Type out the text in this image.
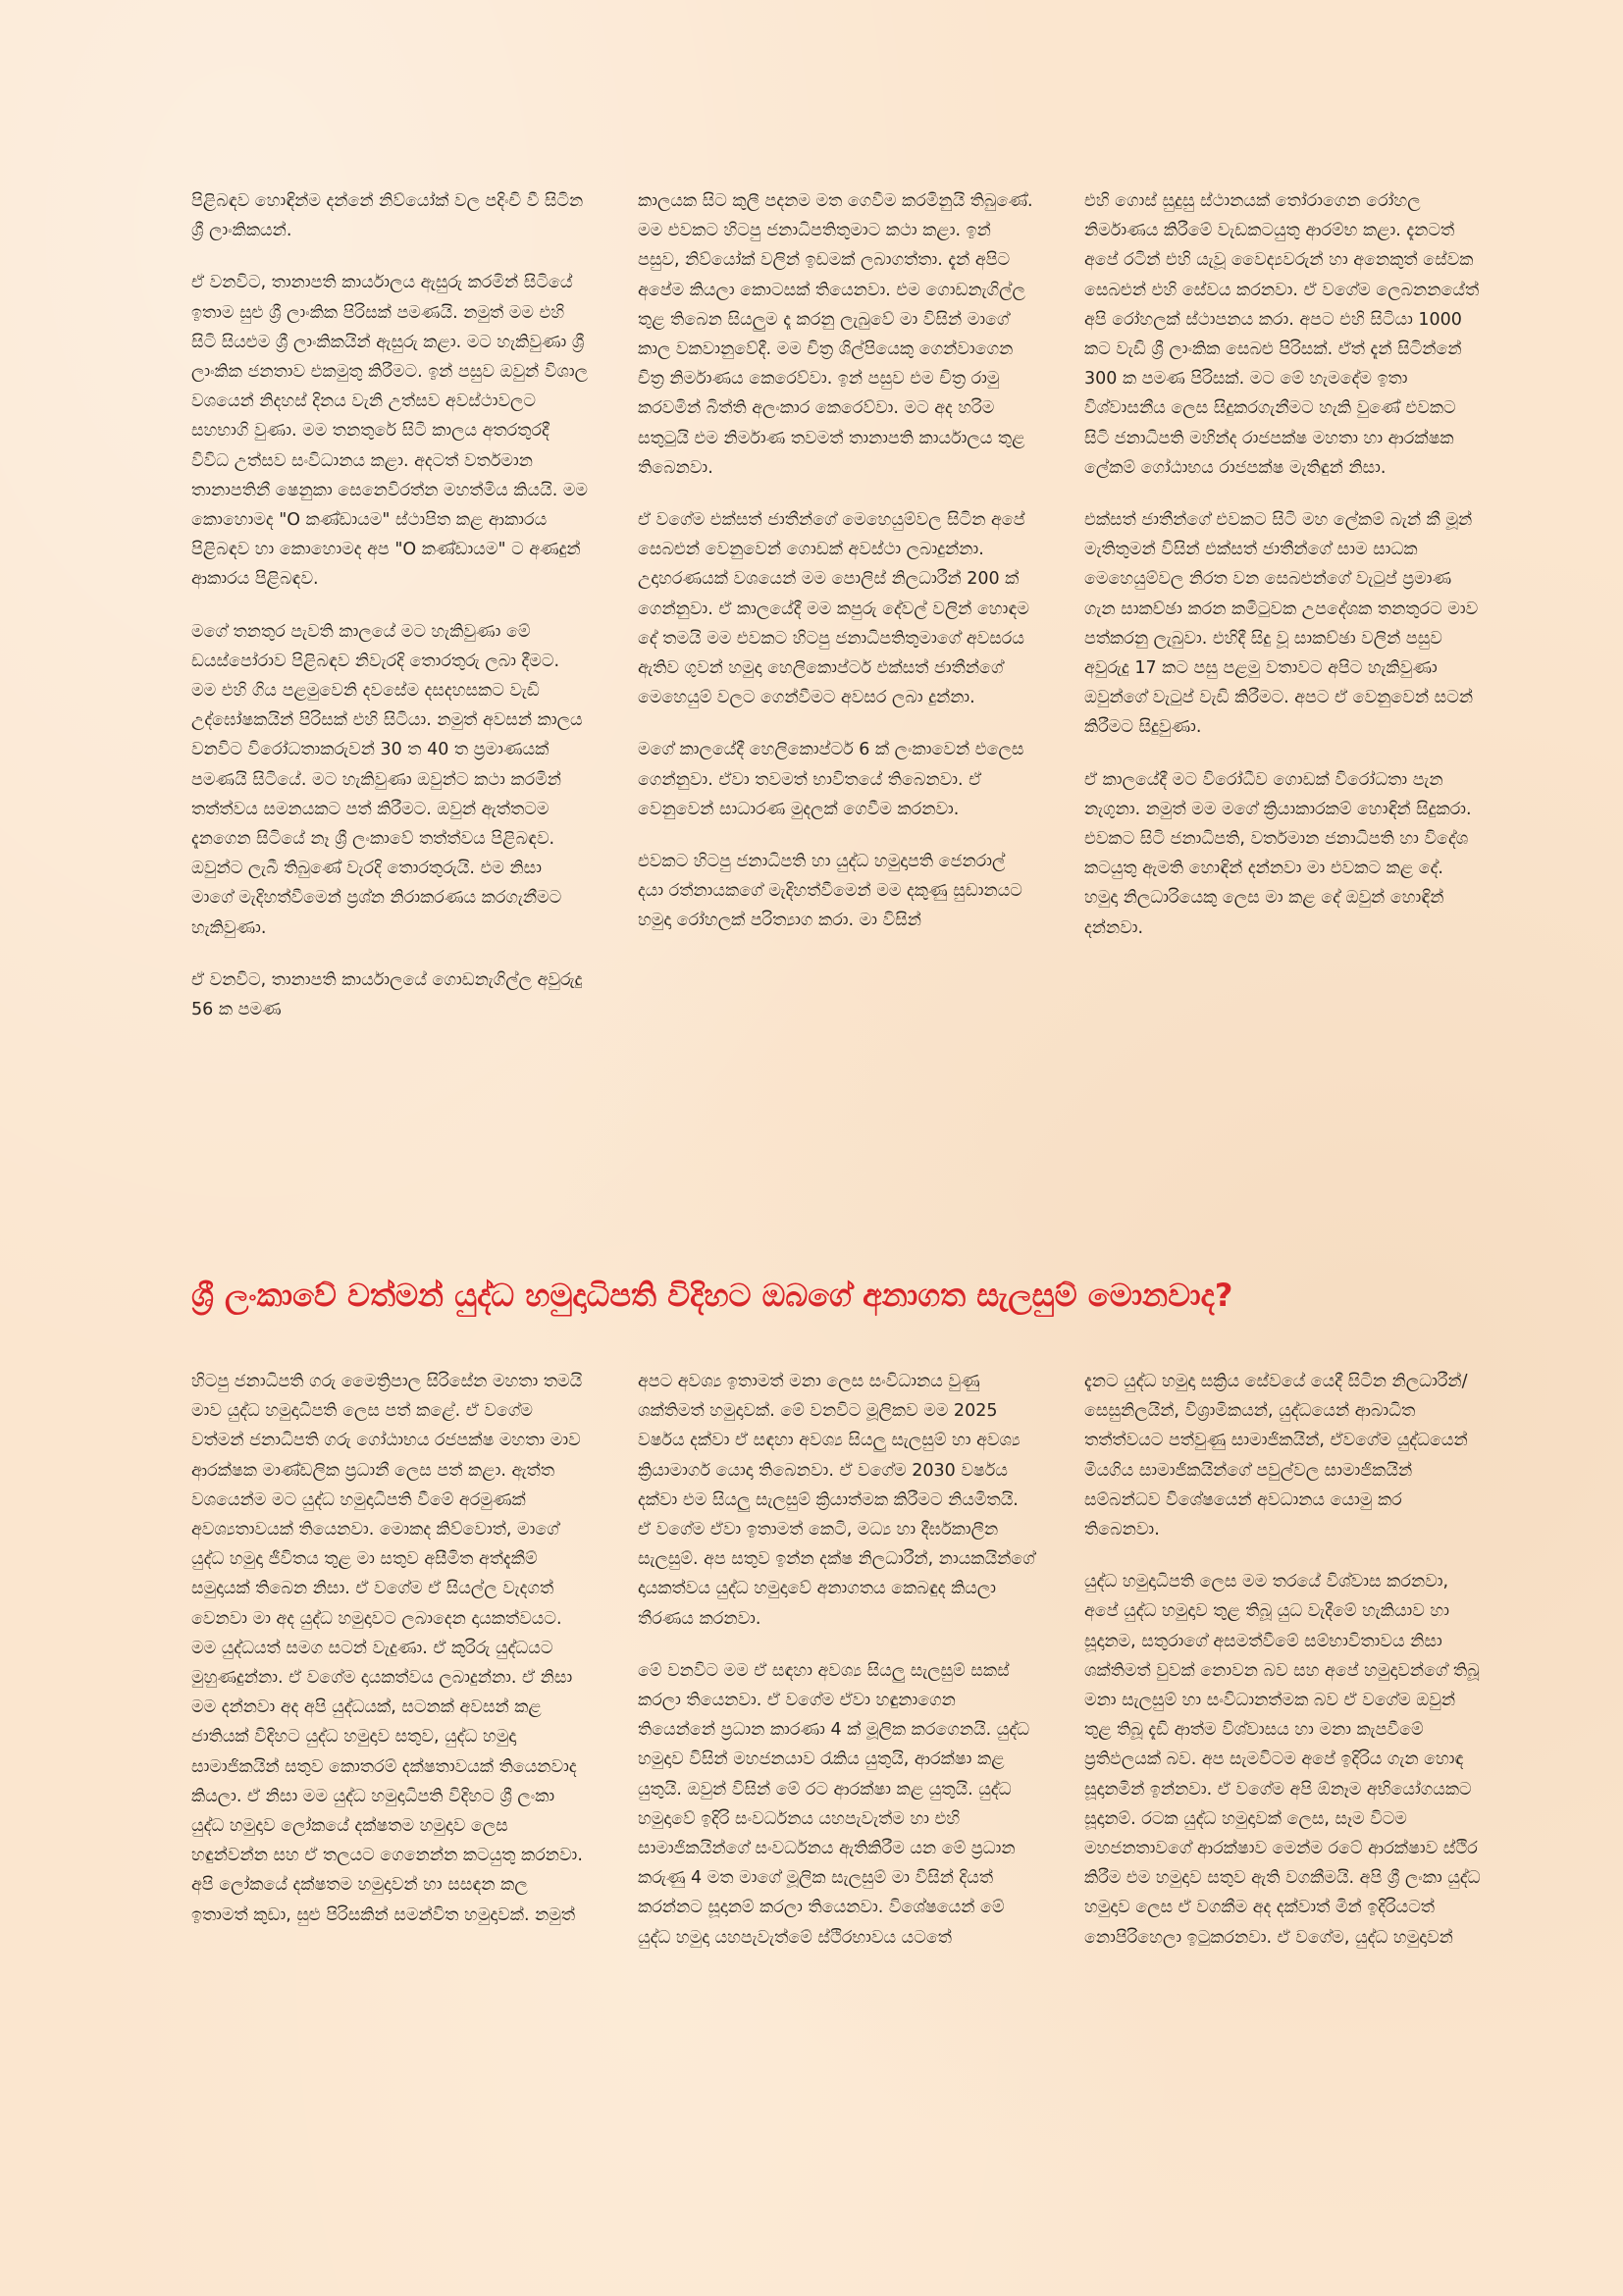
පිළිබඳව හොඳින්ම දන්නේ නිව්යෝක් වල පදිංචි වී සිටින ශ්‍රී ලාංකිකයන්.

ඒ වනවිට, තානාපති කාර්යාලය ඇසුරු කරමින් සිටියේ ඉතාම සුළු ශ්‍රී ලාංකික පිරිසක් පමණයි. නමුත් මම එහි සිටි සියළුම ශ්‍රී ලාංකිකයින් ඇසුරු කළා. මට හැකිවුණා ශ්‍රී ලාංකික ජනතාව එකමුතු කිරීමට. ඉන් පසුව ඔවුන් විශාල වශයෙන් නිදහස් දිනය වැනි උත්සව අවස්ථාවලට සහභාගි වුණා. මම තනතුරේ සිටි කාලය අතරතුරදී විවිධ උත්සව සංවිධානය කළා. අදටත් වර්තමාන තානාපතිනී ෂෙනුකා සෙනෙවිරත්න මහත්මිය කියයි. මම කොහොමද "O කණ්ඩායම" ස්ථාපිත කළ ආකාරය පිළිබඳව හා කොහොමද අප "O කණ්ඩායම" ට අණදුන් ආකාරය පිළිබඳව.

මගේ තනතුර පැවති කාලයේ මට හැකිවුණා මේ ඩයස්පෝරාව පිළිබඳව නිවැරදි තොරතුරු ලබා දීමට. මම එහි ගිය පළමුවෙනි දවසේම දසදහසකට වැඩි උද්ඝෝෂකයින් පිරිසක් එහි සිටියා. නමුත් අවසන් කාලය වනවිට විරෝධතාකරුවන් 30 ත 40 ත ප්‍රමාණයක් පමණයි සිටියේ. මට හැකිවුණා ඔවුන්ට කථා කරමින් තත්ත්වය සමනයකට පත් කිරීමට. ඔවුන් ඇත්තටම දැනගෙන සිටියේ නෑ ශ්‍රී ලංකාවේ තත්ත්වය පිළිබඳව. ඔවුන්ට ලැබී තිබුණේ වැරදි තොරතුරුයි. එම නිසා මාගේ මැදිහත්වීමෙන් ප්‍රශ්න නිරාකරණය කරගැනීමට හැකිවුණා.

ඒ වනවිට, තානාපති කාර්යාලයේ ගොඩනැගිල්ල අවුරුදු 56 ක පමණ

කාලයක සිට කුලී පදනම මත ගෙවීම කරමිනුයි තිබුණේ. මම එවකට හිටපු ජනාධිපතිතුමාට කථා කළා. ඉන් පසුව, නිව්යෝක් වලින් ඉඩමක් ලබාගත්තා. දැන් අපිට අපේම කියලා කොටසක් තියෙනවා. එම ගොඩනැගිල්ල තුළ තිබෙන සියලුම දෑ කරනු ලැබුවේ මා විසින් මාගේ කාල වකවානුවේදී. මම චිත්‍ර ශිල්පියෙකු ගෙන්වාගෙන චිත්‍ර නිර්මාණය කෙරෙව්වා. ඉන් පසුව එම චිත්‍ර රාමු කරවමින් බිත්ති අලංකාර කෙරෙව්වා. මට අද හරිම සතුටුයි එම නිර්මාණ තවමත් තානාපති කාර්යාලය තුළ තිබෙනවා.

ඒ වගේම එක්සත් ජාතීන්ගේ මෙහෙයුම්වල සිටින අපේ සෙබළුන් වෙනුවෙන් ගොඩක් අවස්ථා ලබාදුන්නා. උදාහරණයක් වශයෙන් මම පොලිස් නිලධාරීන් 200 ක් ගෙන්නුවා. ඒ කාලයේදී මම කපුරු දේවල් වලින් හොඳම දේ තමයි මම එවකට හිටපු ජනාධිපතිතුමාගේ අවසරය ඇතිව ගුවන් හමුදා හෙලිකොප්ටර් එක්සත් ජාතීන්ගේ මෙහෙයුම් වලට ගෙන්වීමට අවසර ලබා දුන්නා.

මගේ කාලයේදී හෙලිකොප්ටර් 6 ක් ලංකාවෙන් එලෙස ගෙන්නුවා. ඒවා තවමත් භාවිතයේ තිබෙනවා. ඒ වෙනුවෙන් සාධාරණ මුදලක් ගෙවීම කරනවා.

එවකට හිටපු ජනාධිපති හා යුද්ධ හමුදාපති ජෙනරාල් දයා රත්නායකගේ මැදිහත්වීමෙන් මම දකුණු සුඩානයට හමුදා රෝහලක් පරිත්‍යාග කරා. මා විසින්

එහි ගොස් සුදුසු ස්ථානයක් තෝරාගෙන රෝහල නිර්මාණය කිරීමේ වැඩකටයුතු ආරම්භ කළා. දැනටත් අපේ රටින් එහි යැවූ වෛද්‍යවරුන් හා අනෙකුත් සේවක සෙබළුන් එහි සේවය කරනවා. ඒ වගේම ලෙබනනයේත් අපි රෝහලක් ස්ථාපනය කරා. අපට එහි සිටියා 1000 කට වැඩි ශ්‍රී ලාංකික සෙබළු පිරිසක්. ඒත් දැන් සිටින්නේ 300 ක පමණ පිරිසක්. මට මේ හැමදේම ඉතා විශ්වාසනීය ලෙස සිදුකරගැනීමට හැකි වුණේ එවකට සිටි ජනාධිපති මහින්ද රාජපක්ෂ මහතා හා ආරක්ෂක ලේකම් ගෝඨාභය රාජපක්ෂ මැතිඳුන් නිසා.

එක්සත් ජාතීන්ගේ එවකට සිටි මහ ලේකම් බැන් කී මූන් මැතිතුමන් විසින් එක්සත් ජාතීන්ගේ සාම සාධක මෙහෙයුම්වල නිරත වන සෙබළුන්ගේ වැටුප් ප්‍රමාණ ගැන සාකච්ඡා කරන කමිටුවක උපදේශක තනතුරට මාව පත්කරනු ලැබුවා. එහිදී සිදු වූ සාකච්ඡා වලින් පසුව අවුරුදු 17 කට පසු පළමු වතාවට අපිට හැකිවුණා ඔවුන්ගේ වැටුප් වැඩි කිරීමට. අපට ඒ වෙනුවෙන් සටන් කිරීමට සිදුවුණා.

ඒ කාලයේදී මට විරෝධීව ගොඩක් විරෝධතා පැන නැගුනා. නමුත් මම මගේ ක්‍රියාකාරකම් හොඳින් සිදුකරා. එවකට සිටි ජනාධිපති, වර්තමාන ජනාධිපති හා විදේශ කටයුතු ඇමති හොඳින් දන්නවා මා එවකට කළ දේ. හමුදා නිලධාරියෙකු ලෙස මා කළ දේ ඔවුන් හොඳින් දන්නවා.

ශ්‍රී ලංකාවේ වත්මන් යුද්ධ හමුදාධිපති විදිහට ඔබගේ අනාගත සැලසුම් මොනවාද?

හිටපු ජනාධිපති ගරු මෛත්‍රිපාල සිරිසේන මහතා තමයි මාව යුද්ධ හමුදාධිපති ලෙස පත් කළේ. ඒ වගේම වත්මන් ජනාධිපති ගරු ගෝඨාභය රජපක්ෂ මහතා මාව ආරක්ෂක මාණ්ඩලික ප්‍රධානී ලෙස පත් කළා. ඇත්ත වශයෙන්ම මට යුද්ධ හමුදාධිපති වීමේ අරමුණක් අවශ්‍යතාවයක් තියෙනවා. මොකද කිව්වොත්, මාගේ යුද්ධ හමුදා ජීවිතය තුළ මා සතුව අසීමිත අත්දැකීම් සමුදායක් තිබෙන නිසා. ඒ වගේම ඒ සියල්ල වැදගත් වෙනවා මා අද යුද්ධ හමුදාවට ලබාදෙන දායකත්වයට. මම යුද්ධයත් සමග සටන් වැදුණා. ඒ කුරිරු යුද්ධයට මුහුණදුන්නා. ඒ වගේම දායකත්වය ලබාදුන්නා. ඒ නිසා මම දන්නවා අද අපි යුද්ධයක්, සටනක් අවසන් කළ ජාතියක් විදිහට යුද්ධ හමුදාව සතුව, යුද්ධ හමුදා සාමාජිකයින් සතුව කොතරම් දක්ෂතාවයක් තියෙනවාද කියලා. ඒ නිසා මම යුද්ධ හමුදාධිපති විදිහට ශ්‍රී ලංකා යුද්ධ හමුදාව ලෝකයේ දක්ෂතම හමුදාව ලෙස හඳුන්වන්න සහ ඒ තලයට ගෙනෙන්න කටයුතු කරනවා. අපි ලෝකයේ දක්ෂතම හමුදාවන් හා සසඳන කල ඉතාමත් කුඩා, සුළු පිරිසකින් සමන්විත හමුදාවක්. නමුත්

අපට අවශ්‍ය ඉතාමත් මනා ලෙස සංවිධානය වුණු ශක්තිමත් හමුදාවක්. මේ වනවිට මූලිකව මම 2025 වර්ෂය දක්වා ඒ සඳහා අවශ්‍ය සියලු සැලසුම් හා අවශ්‍ය ක්‍රියාමාර්ග යොදා තිබෙනවා. ඒ වගේම 2030 වර්ෂය දක්වා එම සියලු සැලසුම් ක්‍රියාත්මක කිරීමට නියමිතයි. ඒ වගේම ඒවා ඉතාමත් කෙටි, මධ්‍ය හා දීර්ඝකාලීන සැලසුම්. අප සතුව ඉන්න දක්ෂ නිලධාරීන්, නායකයින්ගේ දායකත්වය යුද්ධ හමුදාවේ අනාගතය කෙබඳුද කියලා තීරණය කරනවා.

මේ වනවිට මම ඒ සඳහා අවශ්‍ය සියලු සැලසුම් සකස් කරලා තියෙනවා. ඒ වගේම ඒවා හඳුනාගෙන තියෙන්නේ ප්‍රධාන කාරණා 4 ක් මූලික කරගෙනයි. යුද්ධ හමුදාව විසින් මහජනයාව රැකිය යුතුයි, ආරක්ෂා කළ යුතුයි. ඔවුන් විසින් මේ රට ආරක්ෂා කළ යුතුයි. යුද්ධ හමුදාවේ ඉදිරි සංවර්ධනය යහපැවැත්ම හා එහි සාමාජිකයින්ගේ සංවර්ධනය ඇතිකිරීම යන මේ ප්‍රධාන කරුණු 4 මත මාගේ මූලික සැලසුම් මා විසින් දියත් කරන්නට සූදානම් කරලා තියෙනවා. විශේෂයෙන් මේ යුද්ධ හමුදා යහපැවැත්මේ ස්ථිරභාවය යටතේ

දැනට යුද්ධ හමුදා සක්‍රිය සේවයේ යෙදී සිටින නිලධාරීන්/සෙසුනිලයින්, විශ්‍රාමිකයන්, යුද්ධයෙන් ආබාධිත තත්ත්වයට පත්වුණු සාමාජිකයින්, ඒවගේම යුද්ධයෙන් මියගිය සාමාජිකයින්ගේ පවුල්වල සාමාජිකයින් සම්බන්ධව විශේෂයෙන් අවධානය යොමු කර තිබෙනවා.

යුද්ධ හමුදාධිපති ලෙස මම තරයේ විශ්වාස කරනවා, අපේ යුද්ධ හමුදාව තුළ තිබූ යුධ වැදීමේ හැකියාව හා සූදානම, සතුරාගේ අසමත්වීමේ සම්භාවිතාවය නිසා ශක්තිමත් වුවක් නොවන බව සහ අපේ හමුදාවන්ගේ තිබූ මනා සැලසුම් හා සංවිධානත්මක බව ඒ වගේම ඔවුන් තුළ තිබූ දැඩි ආත්ම විශ්වාසය හා මනා කැපවීමේ ප්‍රතිඵලයක් බව. අප සැමවිටම අපේ ඉදිරිය ගැන හොඳ සූදානමින් ඉන්නවා. ඒ වගේම අපි ඕනෑම අභියෝගයකට සූදානම්. රටක යුද්ධ හමුදාවක් ලෙස, සෑම විටම මහජනතාවගේ ආරක්ෂාව මෙන්ම රටේ ආරක්ෂාව ස්ථිර කිරීම එම හමුදාව සතුව ඇති වගකීමයි. අපි ශ්‍රී ලංකා යුද්ධ හමුදාව ලෙස ඒ වගකීම අද දක්වාත් මින් ඉදිරියටත් නොපිරිහෙලා ඉටුකරනවා. ඒ වගේම, යුද්ධ හමුදාවන්
